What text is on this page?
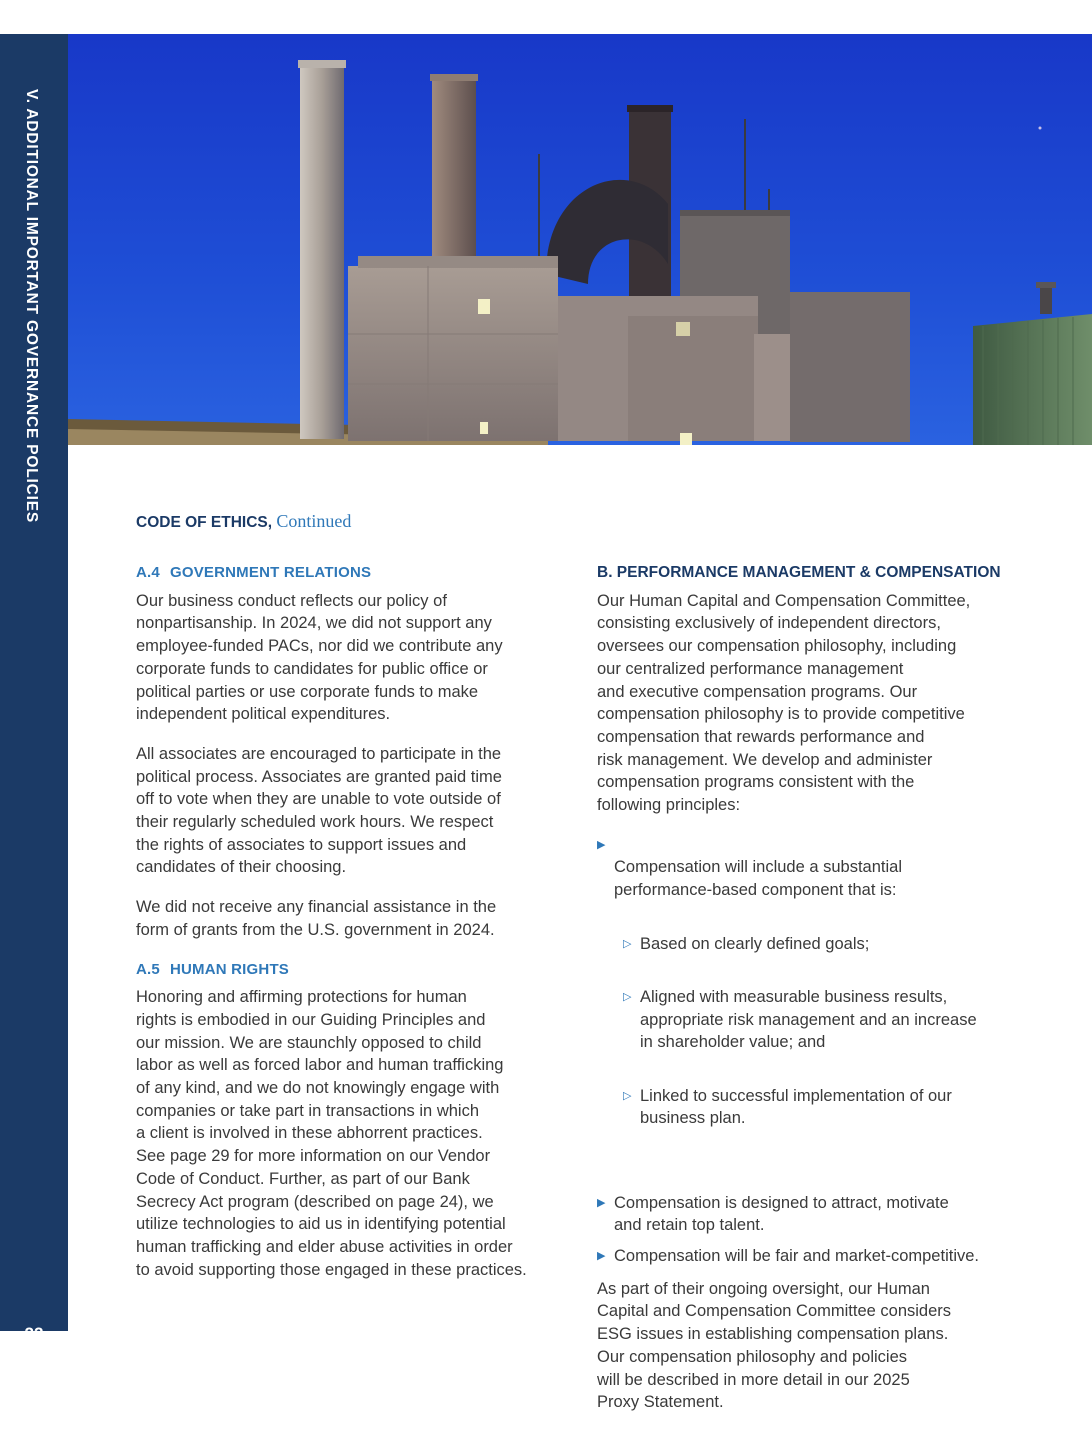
V. ADDITIONAL IMPORTANT GOVERNANCE POLICIES
22
CODE OF ETHICS, Continued
A.4 GOVERNMENT RELATIONS

Our business conduct reflects our policy of
nonpartisanship. In 2024, we did not support any
employee-funded PACs, nor did we contribute any
corporate funds to candidates for public office or
political parties or use corporate funds to make
independent political expenditures.

All associates are encouraged to participate in the
political process. Associates are granted paid time
off to vote when they are unable to vote outside of
their regularly scheduled work hours. We respect
the rights of associates to support issues and
candidates of their choosing.

We did not receive any financial assistance in the
form of grants from the U.S. government in 2024.

A.5 HUMAN RIGHTS

Honoring and affirming protections for human
rights is embodied in our Guiding Principles and
our mission. We are staunchly opposed to child
labor as well as forced labor and human trafficking
of any kind, and we do not knowingly engage with
companies or take part in transactions in which
a client is involved in these abhorrent practices.
See page 29 for more information on our Vendor
Code of Conduct. Further, as part of our Bank
Secrecy Act program (described on page 24), we
utilize technologies to aid us in identifying potential
human trafficking and elder abuse activities in order
to avoid supporting those engaged in these practices.

B. PERFORMANCE MANAGEMENT & COMPENSATION

Our Human Capital and Compensation Committee,
consisting exclusively of independent directors,
oversees our compensation philosophy, including
our centralized performance management
and executive compensation programs. Our
compensation philosophy is to provide competitive
compensation that rewards performance and
risk management. We develop and administer
compensation programs consistent with the
following principles:

▶
Compensation will include a substantial
performance-based component that is:

▷ Based on clearly defined goals;

▷ Aligned with measurable business results,
appropriate risk management and an increase
in shareholder value; and

▷ Linked to successful implementation of our
business plan.

▶ Compensation is designed to attract, motivate
and retain top talent.
▶ Compensation will be fair and market-competitive.

As part of their ongoing oversight, our Human
Capital and Compensation Committee considers
ESG issues in establishing compensation plans.
Our compensation philosophy and policies
will be described in more detail in our 2025
Proxy Statement.
